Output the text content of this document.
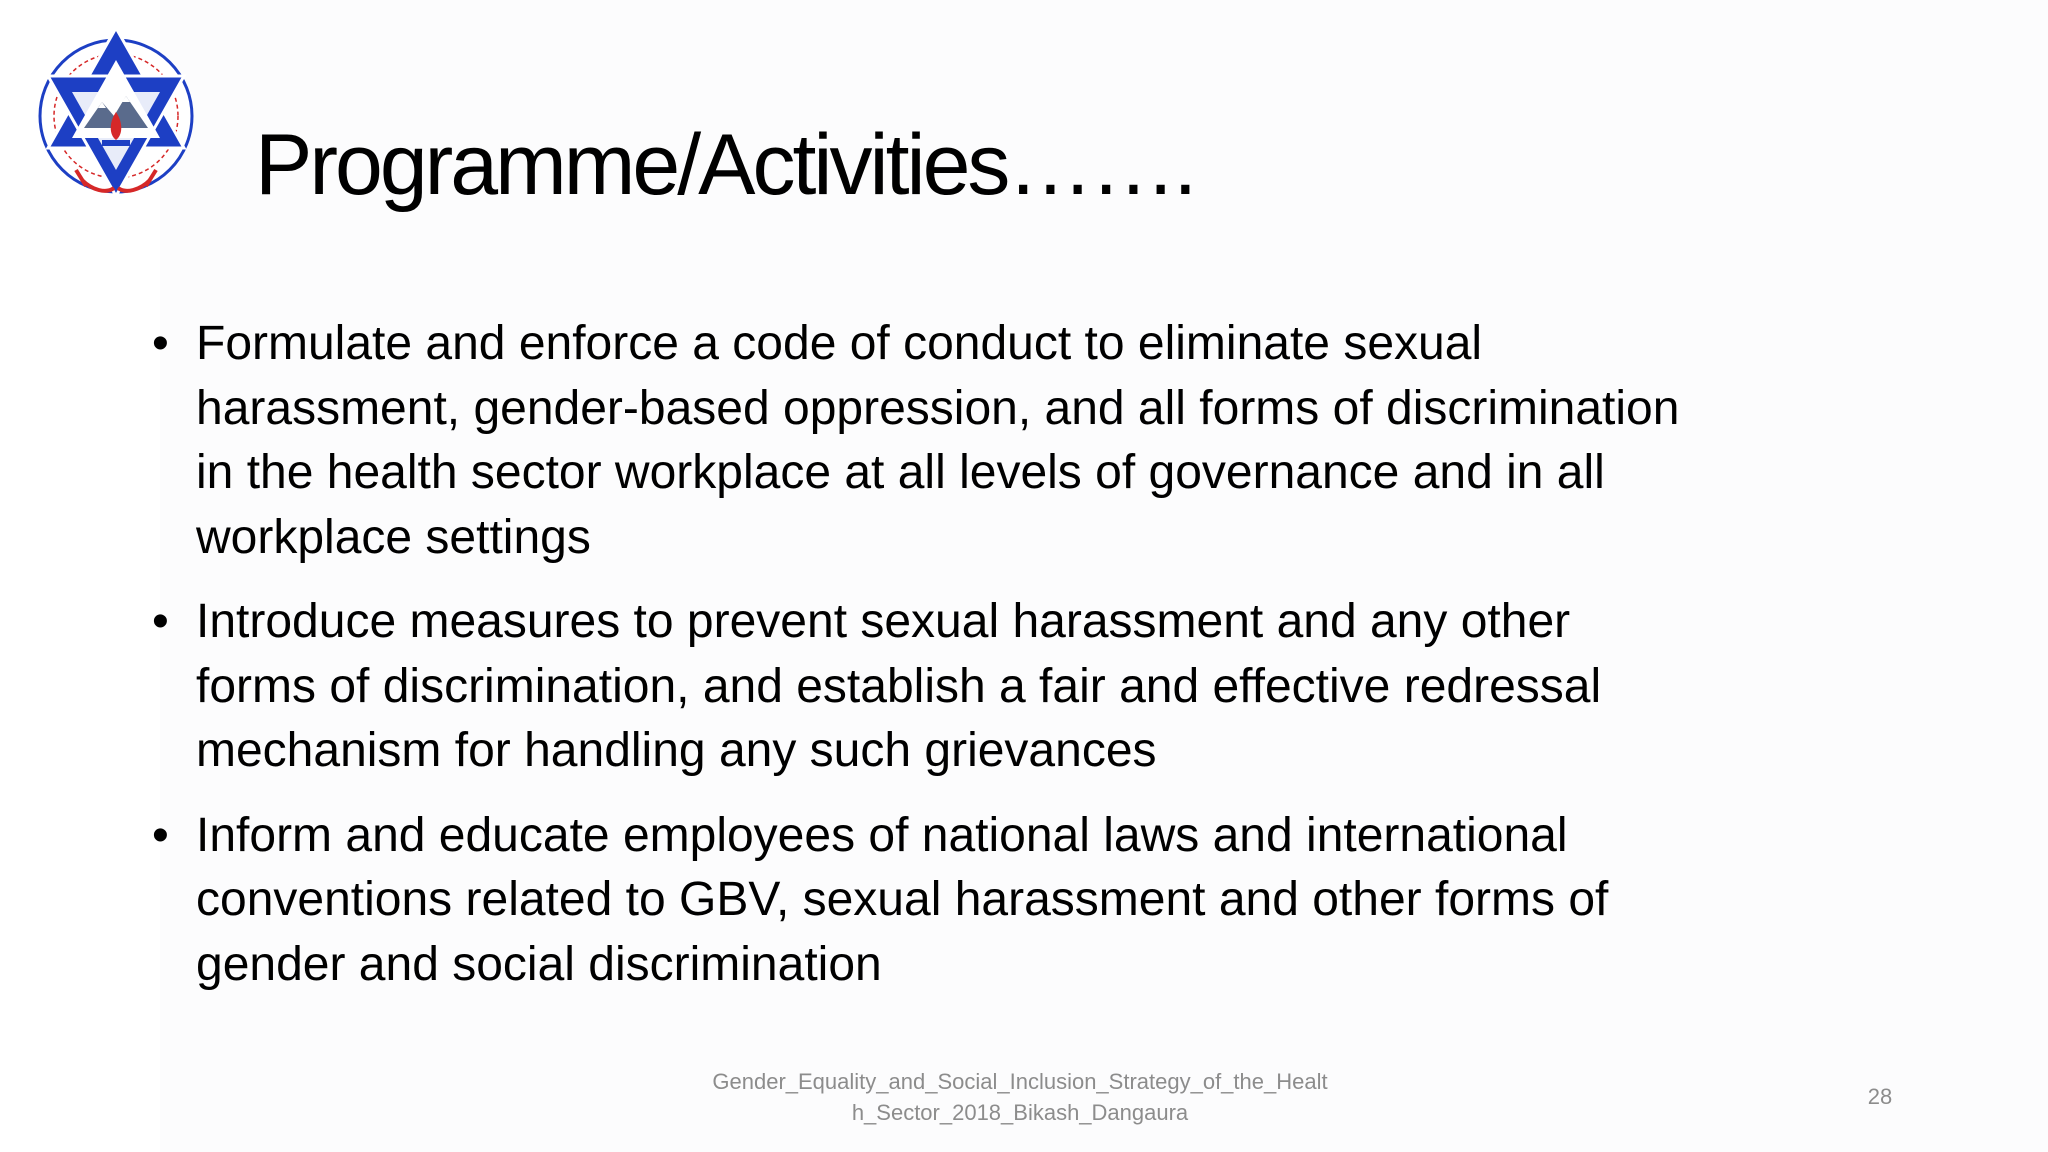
Programme/Activities…….
• Formulate and enforce a code of conduct to eliminate sexual
harassment, gender-based oppression, and all forms of discrimination
in the health sector workplace at all levels of governance and in all
workplace settings
• Introduce measures to prevent sexual harassment and any other
forms of discrimination, and establish a fair and effective redressal
mechanism for handling any such grievances
• Inform and educate employees of national laws and international
conventions related to GBV, sexual harassment and other forms of
gender and social discrimination
Gender_Equality_and_Social_Inclusion_Strategy_of_the_Healt
h_Sector_2018_Bikash_Dangaura
28
